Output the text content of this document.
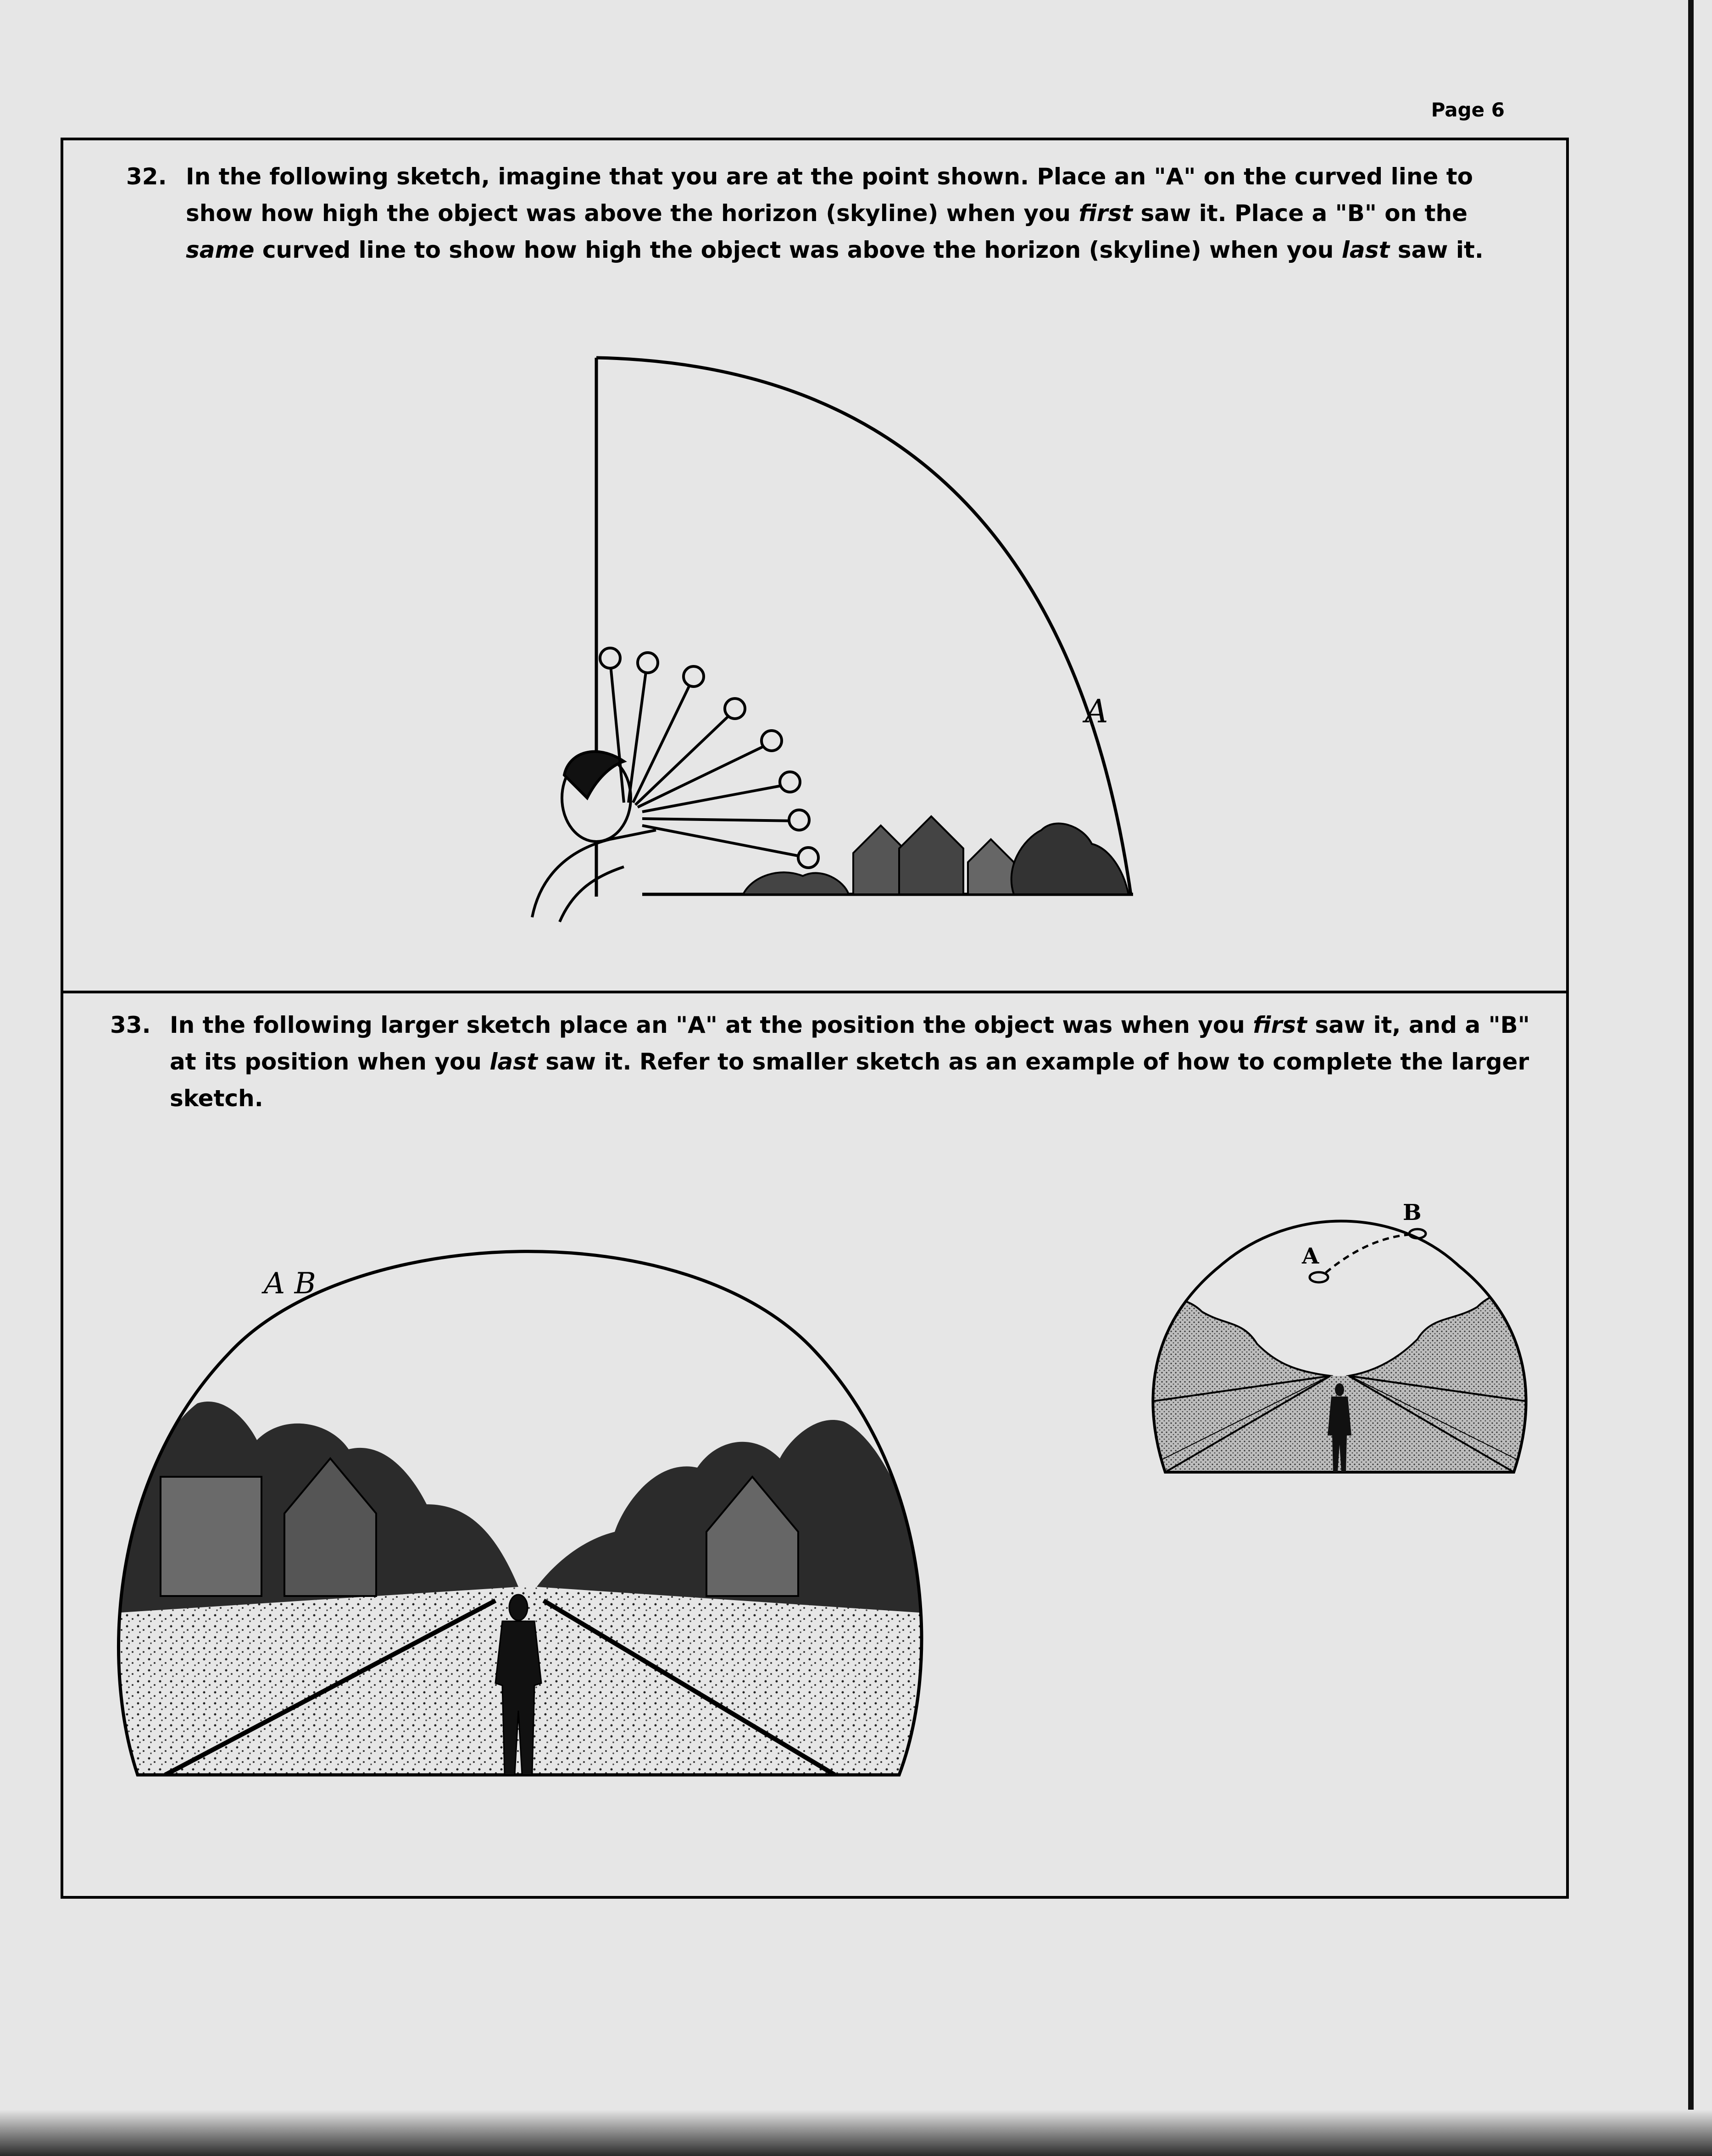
Page 6
32. In the following sketch, imagine that you are at the point shown. Place an "A" on the curved line to show how high the object was above the horizon (skyline) when you first saw it. Place a "B" on the same curved line to show how high the object was above the horizon (skyline) when you last saw it.
A
33. In the following larger sketch place an "A" at the position the object was when you first saw it, and a "B" at its position when you last saw it. Refer to smaller sketch as an example of how to complete the larger sketch.
A B
A
B
